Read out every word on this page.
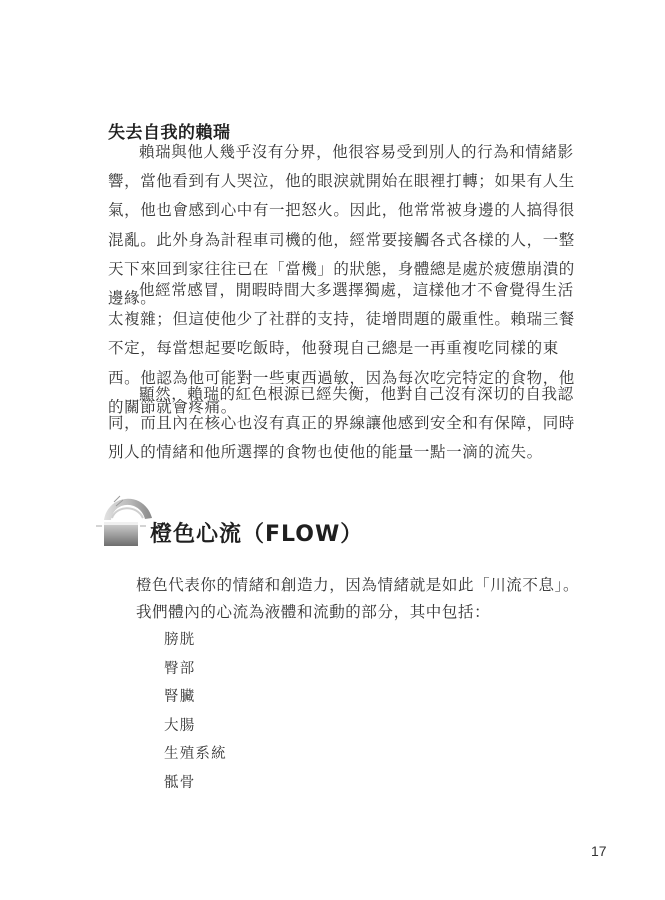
失去自我的賴瑞

賴瑞與他人幾乎沒有分界，他很容易受到別人的行為和情緒影響，當他看到有人哭泣，他的眼淚就開始在眼裡打轉；如果有人生氣，他也會感到心中有一把怒火。因此，他常常被身邊的人搞得很混亂。此外身為計程車司機的他，經常要接觸各式各樣的人，一整天下來回到家往往已在「當機」的狀態，身體總是處於疲憊崩潰的邊緣。

他經常感冒，閒暇時間大多選擇獨處，這樣他才不會覺得生活太複雜；但這使他少了社群的支持，徒增問題的嚴重性。賴瑞三餐不定，每當想起要吃飯時，他發現自己總是一再重複吃同樣的東西。他認為他可能對一些東西過敏，因為每次吃完特定的食物，他的關節就會疼痛。

顯然，賴瑞的紅色根源已經失衡，他對自己沒有深切的自我認同，而且內在核心也沒有真正的界線讓他感到安全和有保障，同時別人的情緒和他所選擇的食物也使他的能量一點一滴的流失。

橙色心流（FLOW）
橙色代表你的情緒和創造力，因為情緒就是如此「川流不息」。
我們體內的心流為液體和流動的部分，其中包括：
膀胱
臀部
腎臟
大腸
生殖系統
骶骨
17
